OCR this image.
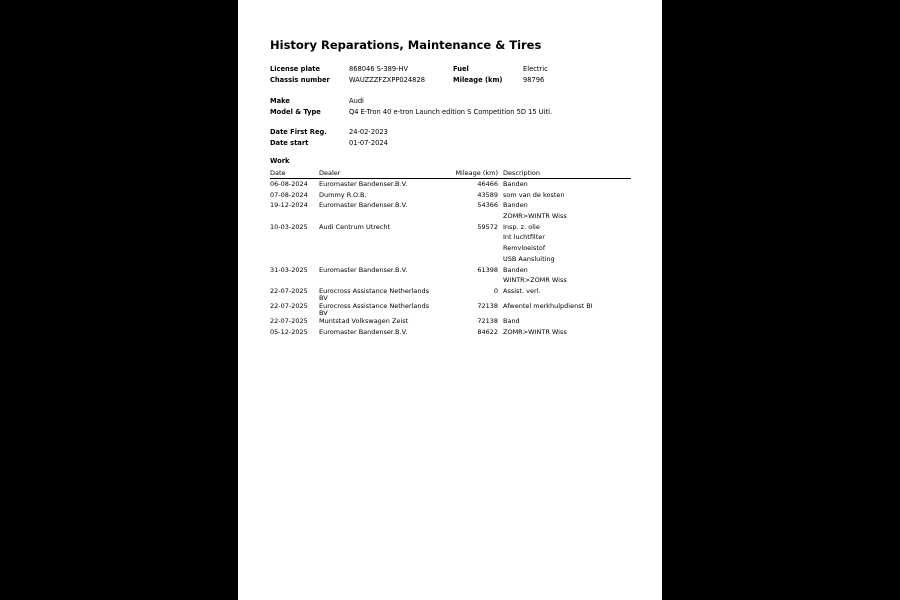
History Reparations, Maintenance & Tires
License plate	868046 S-389-HV	Fuel	Electric
Chassis number	WAUZZZFZXPP024828	Mileage (km)	98796
Make	Audi
Model & Type	Q4 E-Tron 40 e-tron Launch edition S Competition 5D 15 Uitl.
Date First Reg.	24-02-2023
Date start	01-07-2024
Work
Date	Dealer	Mileage (km)	Description
06-08-2024	Euromaster Bandenser.B.V.	46466	Banden

07-08-2024	Dummy R.O.B.	43589	som van de kosten

19-12-2024	Euromaster Bandenser.B.V.	54366	Banden
ZOMR>WINTR Wiss

10-03-2025	Audi Centrum Utrecht	59572	Insp. z. olie
Int luchtfilter
Remvloeistof
USB Aansluiting

31-03-2025	Euromaster Bandenser.B.V.	61398	Banden
WINTR>ZOMR Wiss

22-07-2025	Eurocross Assistance Netherlands BV	0	Assist. verl.

22-07-2025	Eurocross Assistance Netherlands BV	72138	Afwentel merkhulpdienst BI

22-07-2025	Muntstad Volkswagen Zeist	72138	Band

05-12-2025	Euromaster Bandenser.B.V.	84622	ZOMR>WINTR Wiss
